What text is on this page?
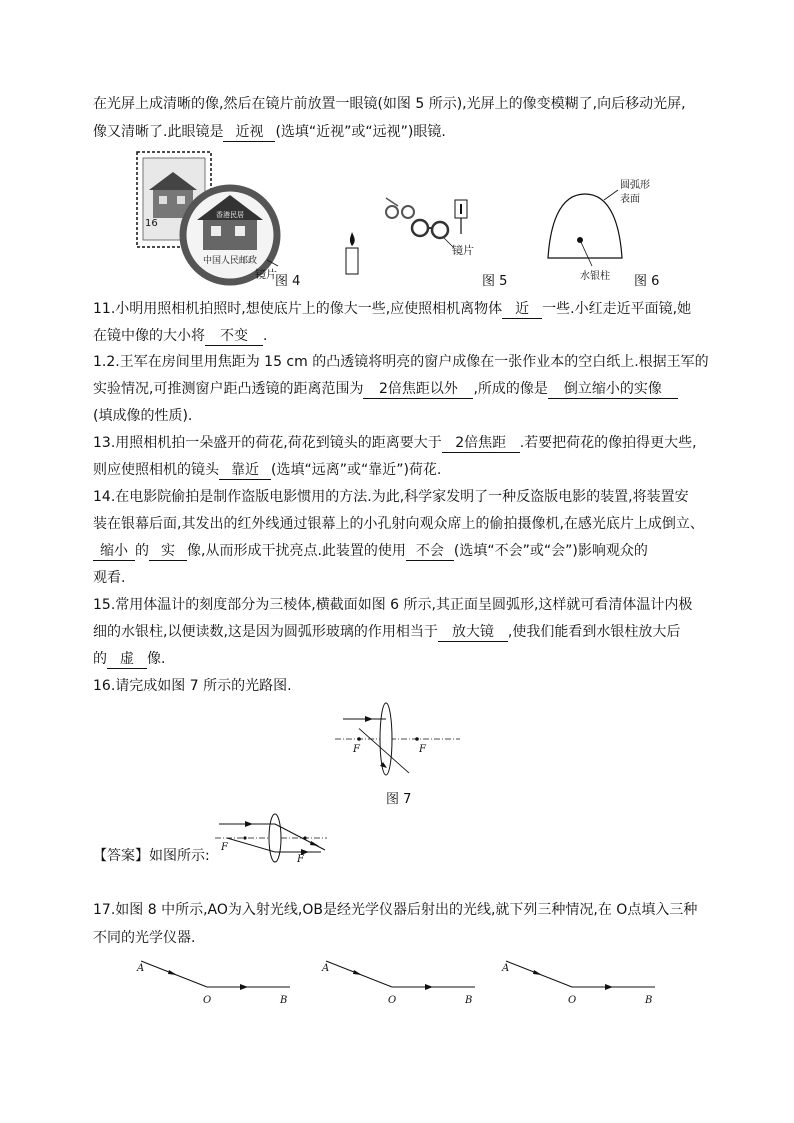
在光屏上成清晰的像,然后在镜片前放置一眼镜(如图 5 所示),光屏上的像变模糊了,向后移动光屏,
像又清晰了.此眼镜是 近视 (选填“近视”或“远视”)眼镜.
16
香港民居
中国人民邮政
镜片
图 4
镜片
图 5
圆弧形
表面
水银柱 图 6
11.小明用照相机拍照时,想使底片上的像大一些,应使照相机离物体 近 一些.小红走近平面镜,她
在镜中像的大小将 不变 .
1.2.王军在房间里用焦距为 15 cm 的凸透镜将明亮的窗户成像在一张作业本的空白纸上.根据王军的
实验情况,可推测窗户距凸透镜的距离范围为 2倍焦距以外 ,所成的像是 倒立缩小的实像
(填成像的性质).
13.用照相机拍一朵盛开的荷花,荷花到镜头的距离要大于 2倍焦距 .若要把荷花的像拍得更大些,
则应使照相机的镜头 靠近 (选填“远离”或“靠近”)荷花.
14.在电影院偷拍是制作盗版电影惯用的方法.为此,科学家发明了一种反盗版电影的装置,将装置安
装在银幕后面,其发出的红外线通过银幕上的小孔射向观众席上的偷拍摄像机,在感光底片上成倒立、
缩小 的 实 像,从而形成干扰亮点.此装置的使用 不会 (选填“不会”或“会”)影响观众的
观看.
15.常用体温计的刻度部分为三棱体,横截面如图 6 所示,其正面呈圆弧形,这样就可看清体温计内极
细的水银柱,以便读数,这是因为圆弧形玻璃的作用相当于 放大镜 ,使我们能看到水银柱放大后
的 虚 像.
16.请完成如图 7 所示的光路图.
F	F
图 7
【答案】如图所示:
F
F
17.如图 8 中所示,AO为入射光线,OB是经光学仪器后射出的光线,就下列三种情况,在 O点填入三种
不同的光学仪器.
A
O	B
A
O	B
A
O	B
